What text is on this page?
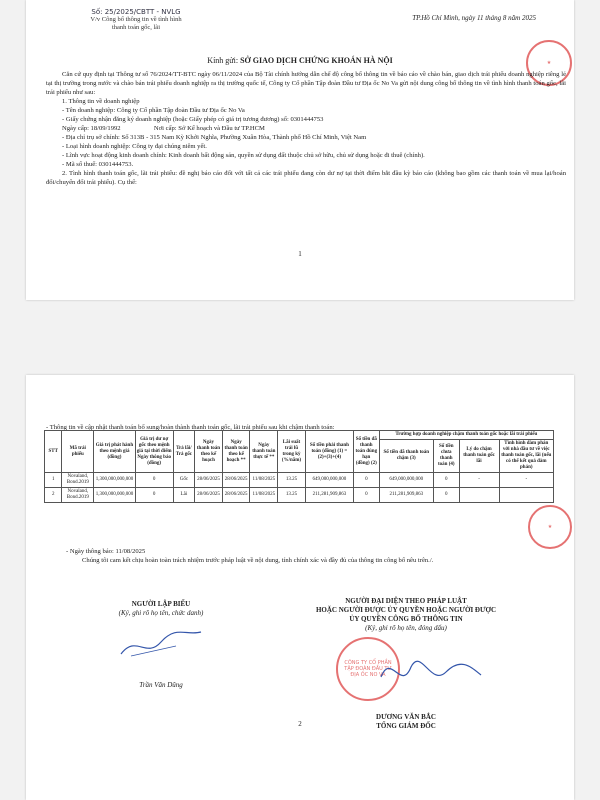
Số: 25/2025/CBTT - NVLG
V/v Công bố thông tin về tình hình
thanh toán gốc, lãi
TP.Hồ Chí Minh, ngày 11 tháng 8 năm 2025
★
Kính gửi: SỞ GIAO DỊCH CHỨNG KHOÁN HÀ NỘI

Căn cứ quy định tại Thông tư số 76/2024/TT-BTC ngày 06/11/2024 của Bộ Tài chính hướng dẫn chế độ công bố thông tin về báo cáo về chào bán, giao dịch trái phiếu doanh nghiệp riêng lẻ tại thị trường trong nước và chào bán trái phiếu doanh nghiệp ra thị trường quốc tế, Công ty Cổ phần Tập đoàn Đầu tư Địa ốc No Va gửi nội dung công bố thông tin về tình hình thanh toán gốc, lãi trái phiếu như sau:

1. Thông tin về doanh nghiệp

- Tên doanh nghiệp: Công ty Cổ phần Tập đoàn Đầu tư Địa ốc No Va

- Giấy chứng nhận đăng ký doanh nghiệp (hoặc Giấy phép có giá trị tương đương) số: 0301444753

Ngày cấp: 18/09/1992	Nơi cấp: Sở Kế hoạch và Đầu tư TP.HCM

- Địa chỉ trụ sở chính: Số 313B - 315 Nam Kỳ Khởi Nghĩa, Phường Xuân Hòa, Thành phố Hồ Chí Minh, Việt Nam

- Loại hình doanh nghiệp: Công ty đại chúng niêm yết.

- Lĩnh vực hoạt động kinh doanh chính: Kinh doanh bất động sản, quyền sử dụng đất thuộc chủ sở hữu, chủ sử dụng hoặc đi thuê (chính).

- Mã số thuế: 0301444753.

2. Tình hình thanh toán gốc, lãi trái phiếu: đề nghị báo cáo đối với tất cả các trái phiếu đang còn dư nợ tại thời điểm bắt đầu kỳ báo cáo (không bao gồm các thanh toán về mua lại/hoán đổi/chuyển đổi trái phiếu). Cụ thể:

1
- Thông tin về cập nhật thanh toán bổ sung/hoàn thành thanh toán gốc, lãi trái phiếu sau khi chậm thanh toán:
STT	Mã trái phiếu	Giá trị phát hành theo mệnh giá (đồng)	Giá trị dư nợ gốc theo mệnh giá tại thời điểm Ngày thông báo (đồng)	Trả lãi/ Trả gốc	Ngày thanh toán theo kế hoạch	Ngày thanh toán theo kế hoạch **	Ngày thanh toán thực tế **	Lãi suất trái lũ trong kỳ (%/năm)	Số tiền phải thanh toán (đồng) (1) = (2)+(3)+(4)	Số tiền đã thanh toán đúng hạn (đồng) (2)	Trường hợp doanh nghiệp chậm thanh toán gốc hoặc lãi trái phiếu			
											Số tiền đã thanh toán chậm (3)	Số tiền chưa thanh toán (4)	Lý do chậm thanh toán gốc lãi	Tình hình đàm phán với nhà đầu tư về việc thanh toán gốc, lãi (nếu có thể kết quả đàm phán)
1	Novaland, Bond.2019	1,300,000,000,000	0	Gốc	28/06/2025	28/06/2025	11/08/2025	13.25	649,000,000,000	0	649,000,000,000	0	-	-
2	Novaland, Bond.2019	1,300,000,000,000	0	Lãi	28/06/2025	28/06/2025	11/08/2025	13.25	211,281,909,863	0	211,281,909,863	0		
★
- Ngày thông báo: 11/08/2025
Chúng tôi cam kết chịu hoàn toàn trách nhiệm trước pháp luật về nội dung, tính chính xác và đầy đủ của thông tin công bố nêu trên./.
NGƯỜI LẬP BIỂU
(Ký, ghi rõ họ tên, chức danh)
Trần Văn Dũng
NGƯỜI ĐẠI DIỆN THEO PHÁP LUẬT
HOẶC NGƯỜI ĐƯỢC ỦY QUYỀN HOẶC NGƯỜI ĐƯỢC
ỦY QUYỀN CÔNG BỐ THÔNG TIN
(Ký, ghi rõ họ tên, đóng dấu)
CÔNG TY CỔ PHẦN TẬP ĐOÀN ĐẦU TƯ ĐỊA ỐC NO VA
DƯƠNG VĂN BẮC
TỔNG GIÁM ĐỐC
2
